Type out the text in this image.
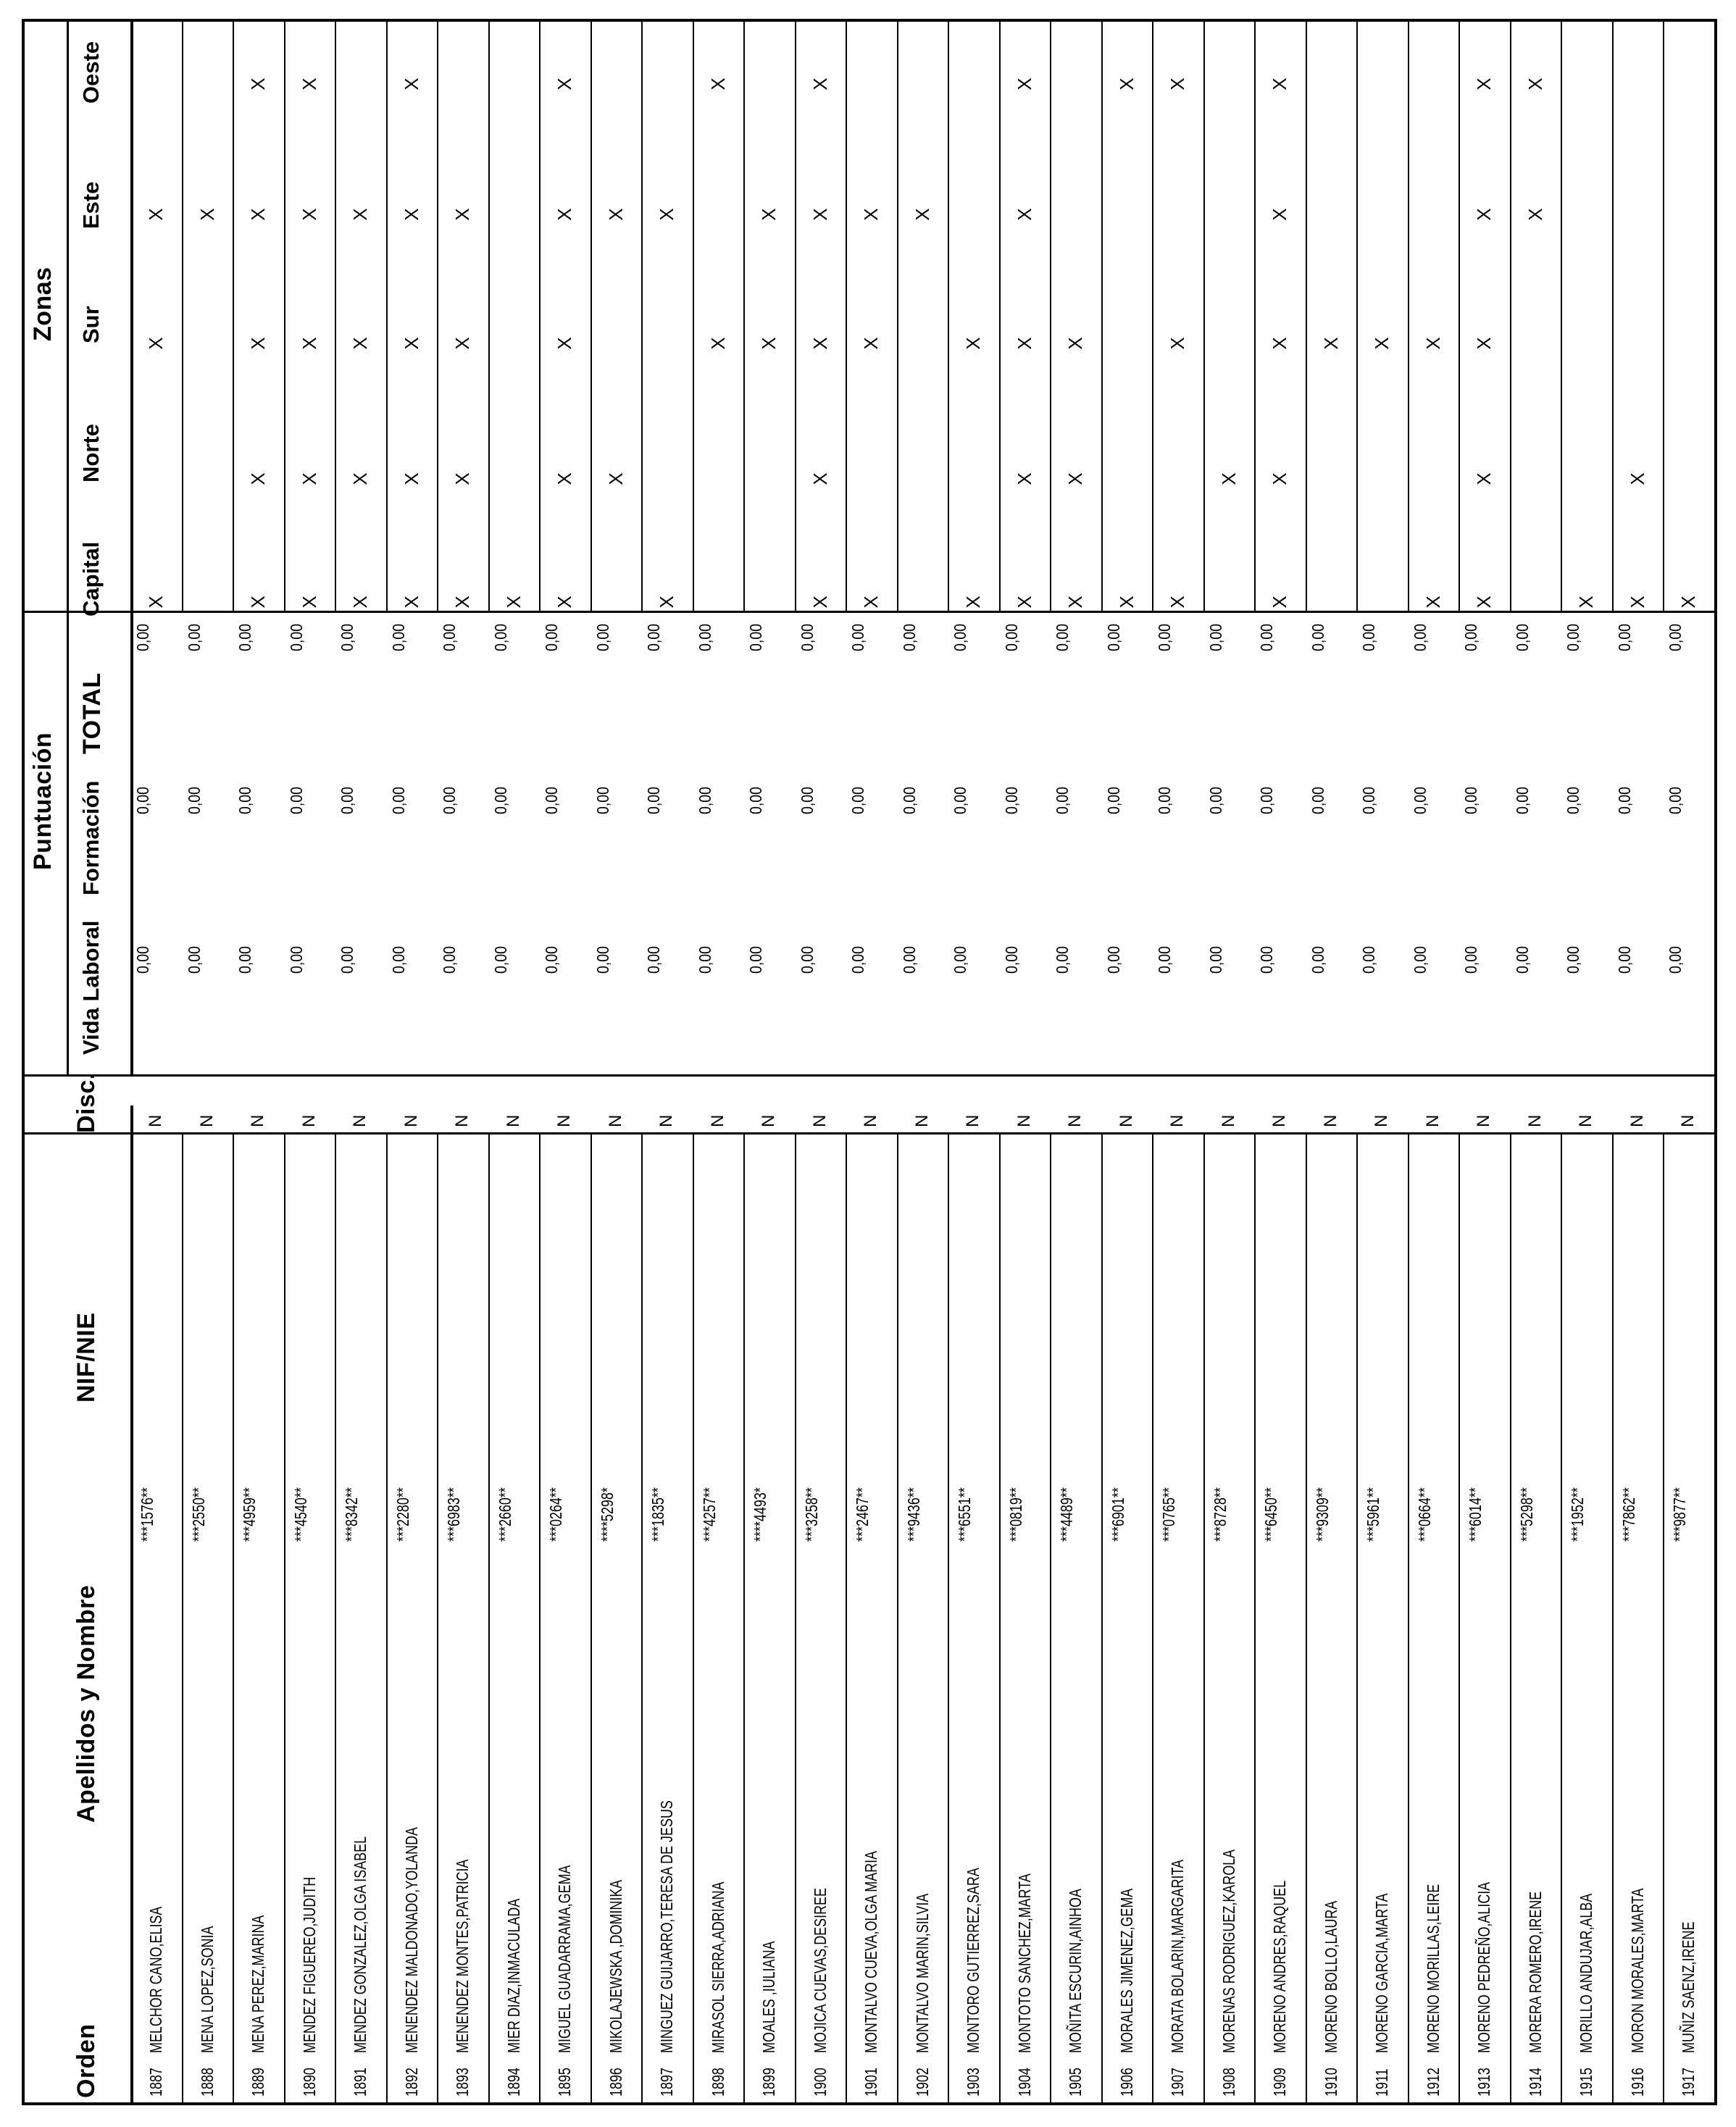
Orden
Apellidos y Nombre
NIF/NIE
Disc.
Puntuación
Vida Laboral
Formación
TOTAL
Zonas
Capital
Norte
Sur
Este
Oeste
1887
MELCHOR CANO,ELISA
***1576**
N
0,00
0,00
0,00
X
X
X
1888
MENA LOPEZ,SONIA
***2550**
N
0,00
0,00
0,00
X
1889
MENA PEREZ,MARINA
***4959**
N
0,00
0,00
0,00
X
X
X
X
X
1890
MENDEZ FIGUEREO,JUDITH
***4540**
N
0,00
0,00
0,00
X
X
X
X
X
1891
MENDEZ GONZALEZ,OLGA ISABEL
***8342**
N
0,00
0,00
0,00
X
X
X
X
1892
MENENDEZ MALDONADO,YOLANDA
***2280**
N
0,00
0,00
0,00
X
X
X
X
X
1893
MENENDEZ MONTES,PATRICIA
***6983**
N
0,00
0,00
0,00
X
X
X
X
1894
MIER DIAZ,INMACULADA
***2660**
N
0,00
0,00
0,00
X
1895
MIGUEL GUADARRAMA,GEMA
***0264**
N
0,00
0,00
0,00
X
X
X
X
X
1896
MIKOLAJEWSKA ,DOMINIKA
****5298*
N
0,00
0,00
0,00
X
X
1897
MINGUEZ GUIJARRO,TERESA DE JESUS
***1835**
N
0,00
0,00
0,00
X
X
1898
MIRASOL SIERRA,ADRIANA
***4257**
N
0,00
0,00
0,00
X
X
1899
MOALES ,IULIANA
****4493*
N
0,00
0,00
0,00
X
X
1900
MOJICA CUEVAS,DESIREE
***3258**
N
0,00
0,00
0,00
X
X
X
X
X
1901
MONTALVO CUEVA,OLGA MARIA
***2467**
N
0,00
0,00
0,00
X
X
X
1902
MONTALVO MARIN,SILVIA
***9436**
N
0,00
0,00
0,00
X
1903
MONTORO GUTIERREZ,SARA
***6551**
N
0,00
0,00
0,00
X
X
1904
MONTOTO SANCHEZ,MARTA
***0819**
N
0,00
0,00
0,00
X
X
X
X
X
1905
MOÑITA ESCURIN,AINHOA
***4489**
N
0,00
0,00
0,00
X
X
X
1906
MORALES JIMENEZ,GEMA
***6901**
N
0,00
0,00
0,00
X
X
1907
MORATA BOLARIN,MARGARITA
***0765**
N
0,00
0,00
0,00
X
X
X
1908
MORENAS RODRIGUEZ,KAROLA
***8728**
N
0,00
0,00
0,00
X
1909
MORENO ANDRES,RAQUEL
***6450**
N
0,00
0,00
0,00
X
X
X
X
X
1910
MORENO BOLLO,LAURA
***9309**
N
0,00
0,00
0,00
X
1911
MORENO GARCIA,MARTA
***5961**
N
0,00
0,00
0,00
X
1912
MORENO MORILLAS,LEIRE
***0664**
N
0,00
0,00
0,00
X
X
1913
MORENO PEDREÑO,ALICIA
***6014**
N
0,00
0,00
0,00
X
X
X
X
X
1914
MORERA ROMERO,IRENE
***5298**
N
0,00
0,00
0,00
X
X
1915
MORILLO ANDUJAR,ALBA
***1952**
N
0,00
0,00
0,00
X
1916
MORON MORALES,MARTA
***7862**
N
0,00
0,00
0,00
X
X
1917
MUÑIZ SAENZ,IRENE
***9877**
N
0,00
0,00
0,00
X
